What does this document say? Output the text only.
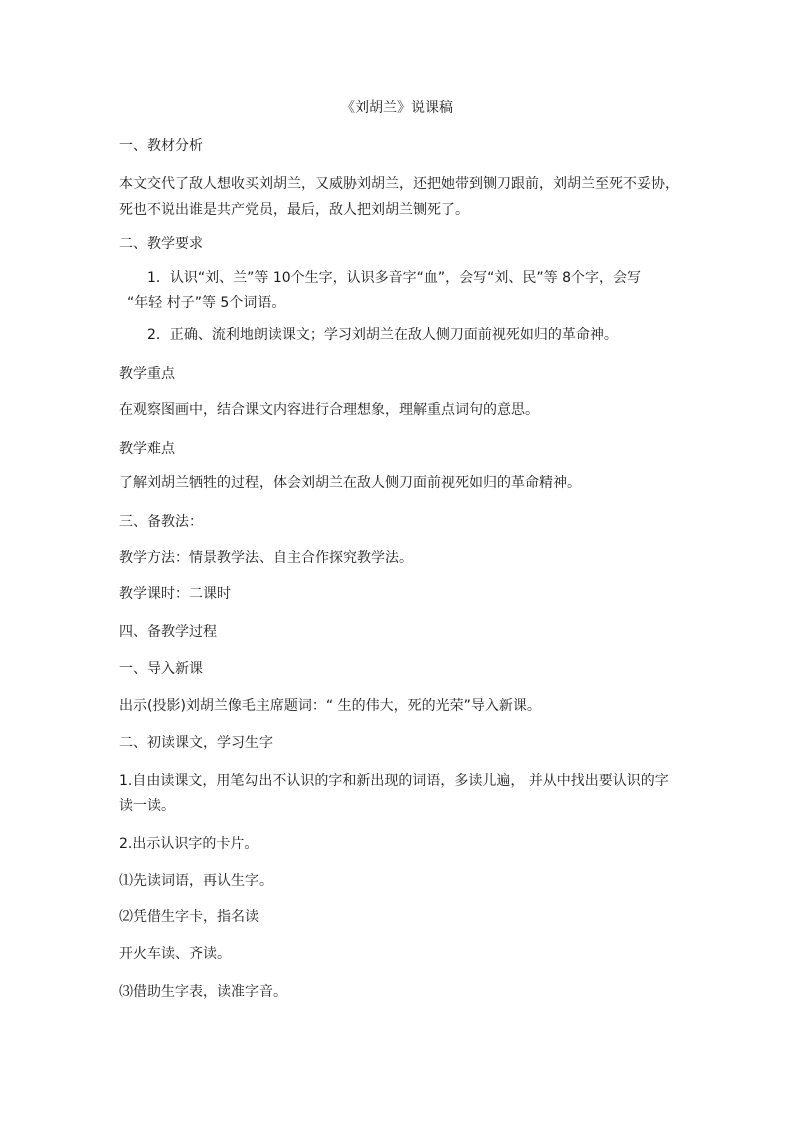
《刘胡兰》说课稿
一、教材分析
本文交代了敌人想收买刘胡兰，又威胁刘胡兰，还把她带到铡刀跟前，刘胡兰至死不妥协，
死也不说出谁是共产党员，最后，敌人把刘胡兰铡死了。
二、教学要求
1．认识“刘、兰”等 10个生字，认识多音字“血”，会写“刘、民”等 8个字，会写
“年轻 村子”等 5个词语。
2．正确、流利地朗读课文；学习刘胡兰在敌人侧刀面前视死如归的革命神。
教学重点
在观察图画中，结合课文内容进行合理想象，理解重点词句的意思。
教学难点
了解刘胡兰牺牲的过程，体会刘胡兰在敌人侧刀面前视死如归的革命精神。
三、备教法：
教学方法：情景教学法、自主合作探究教学法。
教学课时：二课时
四、备教学过程
一、导入新课
出示(投影)刘胡兰像毛主席题词：“ 生的伟大，死的光荣”导入新课。
二、初读课文，学习生字
1.自由读课文，用笔勾出不认识的字和新出现的词语，多读儿遍， 并从中找出要认识的字
读一读。
2.出示认识字的卡片。
⑴先读词语，再认生字。
⑵凭借生字卡，指名读
开火车读、齐读。
⑶借助生字表，读准字音。
